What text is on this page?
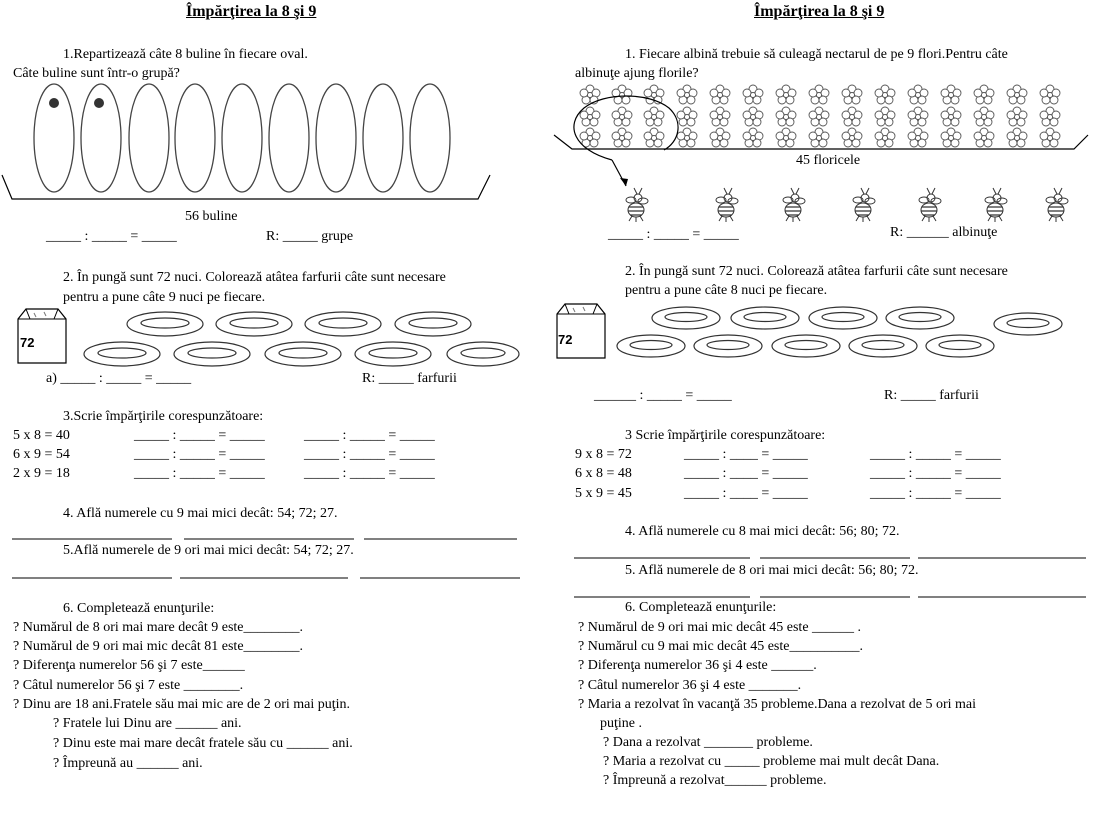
Împărţirea la 8 şi 9
1.Repartizează câte 8 buline în fiecare oval.
Câte buline sunt într-o grupă?
56 buline
_____ : _____ = _____	R: _____ grupe
2. În pungă sunt 72 nuci. Colorează atâtea farfurii câte sunt necesare
pentru a pune câte 9 nuci pe fiecare.
72
a) _____ : _____ = _____	R: _____ farfurii
3.Scrie împărţirile corespunzătoare:
5 x 8 = 40	_____ : _____ = _____	_____ : _____ = _____
6 x 9 = 54	_____ : _____ = _____	_____ : _____ = _____
2 x 9 = 18	_____ : _____ = _____	_____ : _____ = _____
4. Află numerele cu 9 mai mici decât: 54; 72; 27.
5.Află numerele de 9 ori mai mici decât: 54; 72; 27.
6. Completează enunţurile:
? Numărul de 8 ori mai mare decât 9 este________.
? Numărul de 9 ori mai mic decât 81 este________.
? Diferenţa numerelor 56 şi 7 este______
? Câtul numerelor 56 şi 7 este ________.
? Dinu are 18 ani.Fratele său mai mic are de 2 ori mai puţin.
? Fratele lui Dinu are ______ ani.
? Dinu este mai mare decât fratele său cu ______ ani.
? Împreună au ______ ani.
Împărţirea la 8 şi 9
1. Fiecare albină trebuie să culeagă nectarul de pe 9 flori.Pentru câte
albinuţe ajung florile?
45 floricele
_____ : _____ = _____	R: ______ albinuţe
2. În pungă sunt 72 nuci. Colorează atâtea farfurii câte sunt necesare
pentru a pune câte 8 nuci pe fiecare.
72
______ : _____ = _____	R: _____ farfurii
3 Scrie împărţirile corespunzătoare:
9 x 8 = 72	_____ : ____ = _____	_____ : _____ = _____
6 x 8 = 48	_____ : ____ = _____	_____ : _____ = _____
5 x 9 = 45	_____ : ____ = _____	_____ : _____ = _____
4. Află numerele cu 8 mai mici decât: 56; 80; 72.
5. Află numerele de 8 ori mai mici decât: 56; 80; 72.
6. Completează enunţurile:
? Numărul de 9 ori mai mic decât 45 este ______ .
? Numărul cu 9 mai mic decât 45 este__________.
? Diferenţa numerelor 36 şi 4 este ______.
? Câtul numerelor 36 şi 4 este _______.
? Maria a rezolvat în vacanţă 35 probleme.Dana a rezolvat de 5 ori mai
puţine .
? Dana a rezolvat _______ probleme.
? Maria a rezolvat cu _____ probleme mai mult decât Dana.
? Împreună a rezolvat______ probleme.
